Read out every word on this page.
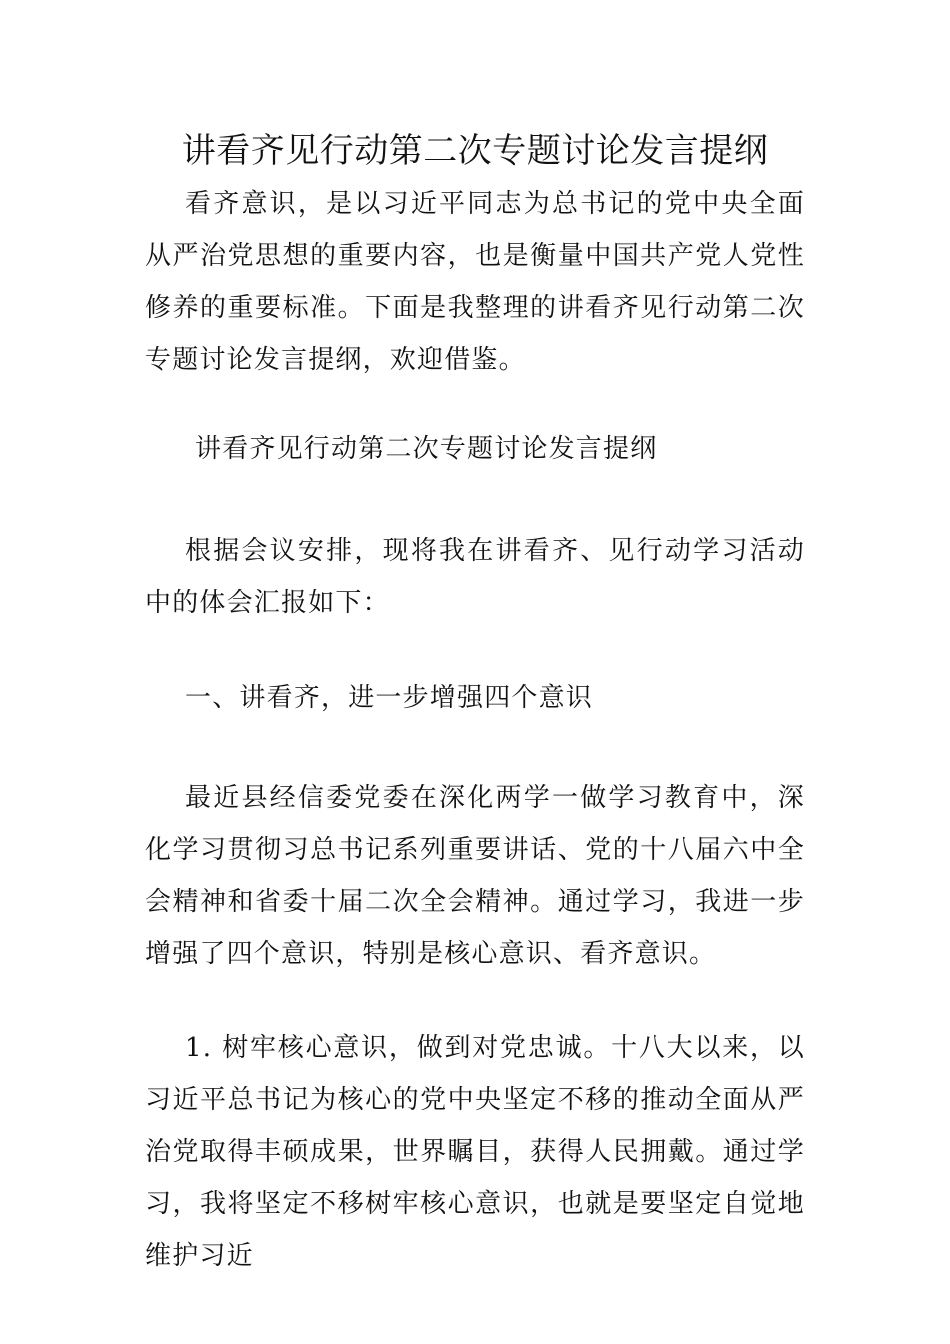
讲看齐见行动第二次专题讨论发言提纲

看齐意识，是以习近平同志为总书记的党中央全面从严治党思想的重要内容，也是衡量中国共产党人党性修养的重要标准。下面是我整理的讲看齐见行动第二次专题讨论发言提纲，欢迎借鉴。

讲看齐见行动第二次专题讨论发言提纲

根据会议安排，现将我在讲看齐、见行动学习活动中的体会汇报如下：

一、讲看齐，进一步增强四个意识

最近县经信委党委在深化两学一做学习教育中，深化学习贯彻习总书记系列重要讲话、党的十八届六中全会精神和省委十届二次全会精神。通过学习，我进一步增强了四个意识，特别是核心意识、看齐意识。

1. 树牢核心意识，做到对党忠诚。十八大以来，以习近平总书记为核心的党中央坚定不移的推动全面从严治党取得丰硕成果，世界瞩目，获得人民拥戴。通过学习，我将坚定不移树牢核心意识，也就是要坚定自觉地维护习近
